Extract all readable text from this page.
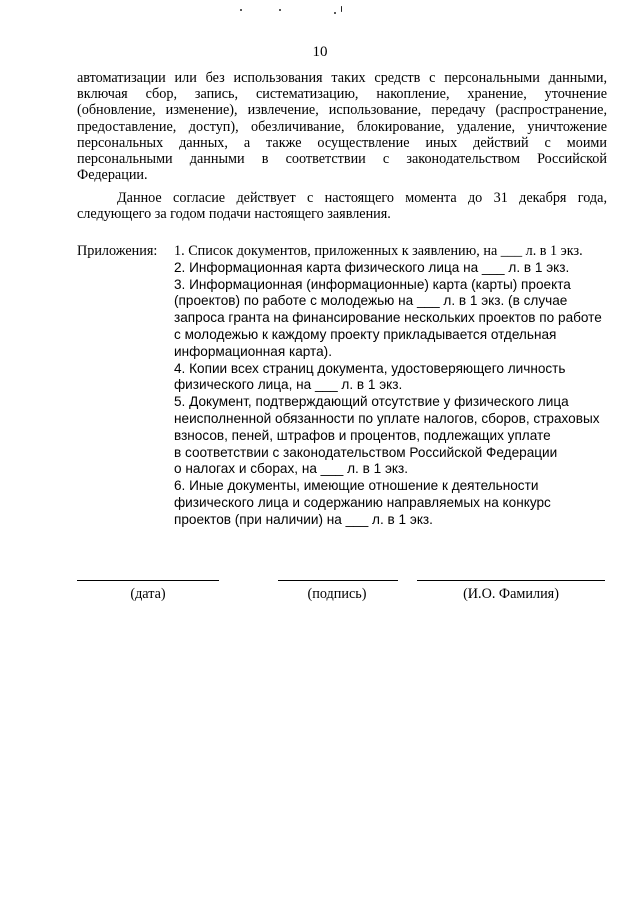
10
автоматизации или без использования таких средств с персональными данными,
включая сбор, запись, систематизацию, накопление, хранение, уточнение
(обновление, изменение), извлечение, использование, передачу (распространение,
предоставление, доступ), обезличивание, блокирование, удаление, уничтожение
персональных данных, а также осуществление иных действий с моими
персональными данными в соответствии с законодательством Российской
Федерации.
Данное согласие действует с настоящего момента до 31 декабря года,
следующего за годом подачи настоящего заявления.
Приложения: 1. Список документов, приложенных к заявлению, на ___ л. в 1 экз.
2. Информационная карта физического лица на ___ л. в 1 экз.
3. Информационная (информационные) карта (карты) проекта
(проектов) по работе с молодежью на ___ л. в 1 экз. (в случае
запроса гранта на финансирование нескольких проектов по работе
с молодежью к каждому проекту прикладывается отдельная
информационная карта).
4. Копии всех страниц документа, удостоверяющего личность
физического лица, на ___ л. в 1 экз.
5. Документ, подтверждающий отсутствие у физического лица
неисполненной обязанности по уплате налогов, сборов, страховых
взносов, пеней, штрафов и процентов, подлежащих уплате
в соответствии с законодательством Российской Федерации
о налогах и сборах, на ___ л. в 1 экз.
6. Иные документы, имеющие отношение к деятельности
физического лица и содержанию направляемых на конкурс
проектов (при наличии) на ___ л. в 1 экз.
(дата)	(подпись)	(И.О. Фамилия)
